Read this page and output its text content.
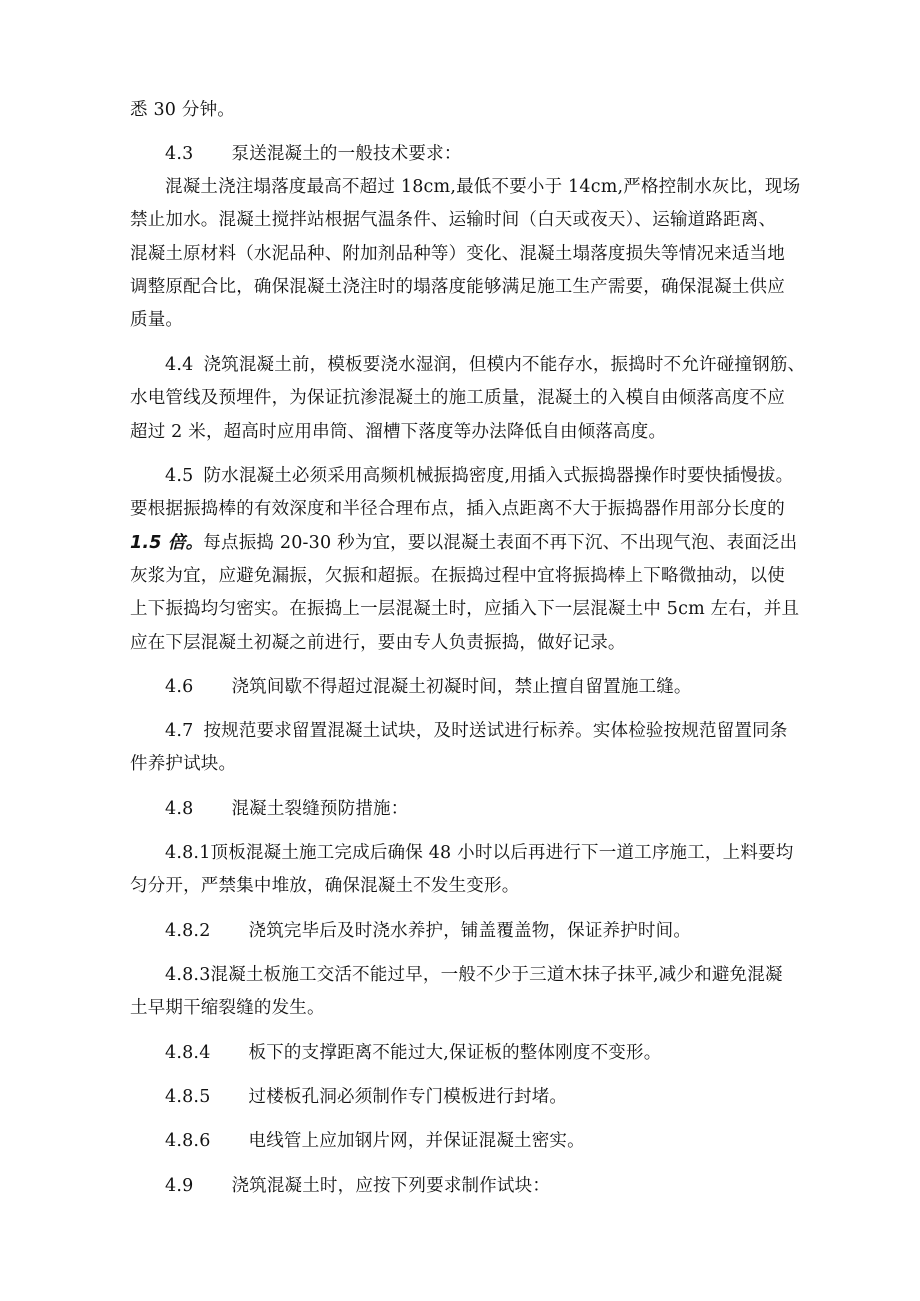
悉 30 分钟。
4.3 泵送混凝土的一般技术要求：
混凝土浇注塌落度最高不超过 18cm,最低不要小于 14cm,严格控制水灰比，现场
禁止加水。混凝土搅拌站根据气温条件、运输时间（白天或夜天）、运输道路距离、
混凝土原材料（水泥品种、附加剂品种等）变化、混凝土塌落度损失等情况来适当地
调整原配合比，确保混凝土浇注时的塌落度能够满足施工生产需要，确保混凝土供应
质量。
4.4 浇筑混凝土前，模板要浇水湿润，但模内不能存水，振捣时不允许碰撞钢筋、
水电管线及预埋件，为保证抗渗混凝土的施工质量，混凝土的入模自由倾落高度不应
超过 2 米，超高时应用串筒、溜槽下落度等办法降低自由倾落高度。
4.5 防水混凝土必须采用高频机械振捣密度,用插入式振捣器操作时要快插慢拔。
要根据振捣棒的有效深度和半径合理布点，插入点距离不大于振捣器作用部分长度的
1.5 倍。每点振捣 20-30 秒为宜，要以混凝土表面不再下沉、不出现气泡、表面泛出
灰浆为宜，应避免漏振，欠振和超振。在振捣过程中宜将振捣棒上下略微抽动，以使
上下振捣均匀密实。在振捣上一层混凝土时，应插入下一层混凝土中 5cm 左右，并且
应在下层混凝土初凝之前进行，要由专人负责振捣，做好记录。
4.6 浇筑间歇不得超过混凝土初凝时间，禁止擅自留置施工缝。
4.7 按规范要求留置混凝土试块，及时送试进行标养。实体检验按规范留置同条
件养护试块。
4.8 混凝土裂缝预防措施：
4.8.1顶板混凝土施工完成后确保 48 小时以后再进行下一道工序施工，上料要均
匀分开，严禁集中堆放，确保混凝土不发生变形。
4.8.2 浇筑完毕后及时浇水养护，铺盖覆盖物，保证养护时间。
4.8.3混凝土板施工交活不能过早，一般不少于三道木抹子抹平,减少和避免混凝
土早期干缩裂缝的发生。
4.8.4 板下的支撑距离不能过大,保证板的整体刚度不变形。
4.8.5 过楼板孔洞必须制作专门模板进行封堵。
4.8.6 电线管上应加钢片网，并保证混凝土密实。
4.9 浇筑混凝土时，应按下列要求制作试块：
